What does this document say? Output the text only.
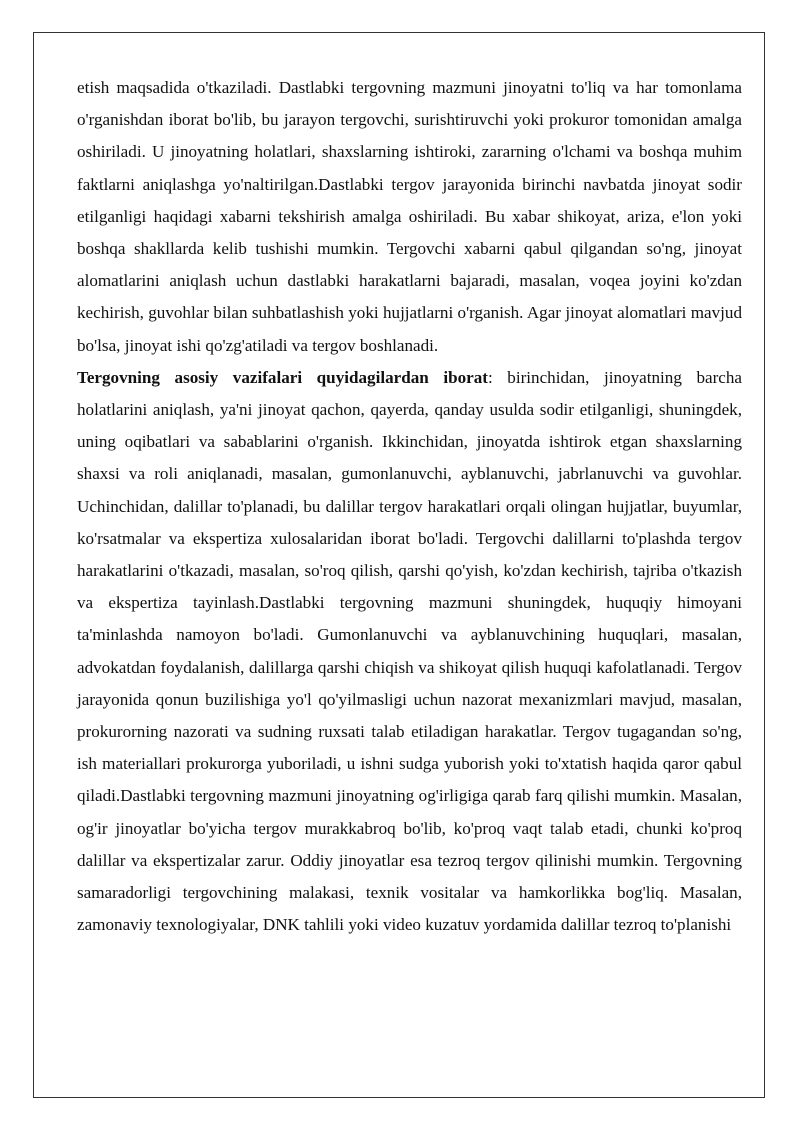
etish maqsadida o'tkaziladi. Dastlabki tergovning mazmuni jinoyatni to'liq va har tomonlama o'rganishdan iborat bo'lib, bu jarayon tergovchi, surishtiruvchi yoki prokuror tomonidan amalga oshiriladi. U jinoyatning holatlari, shaxslarning ishtiroki, zararning o'lchami va boshqa muhim faktlarni aniqlashga yo'naltirilgan.Dastlabki tergov jarayonida birinchi navbatda jinoyat sodir etilganligi haqidagi xabarni tekshirish amalga oshiriladi. Bu xabar shikoyat, ariza, e'lon yoki boshqa shakllarda kelib tushishi mumkin. Tergovchi xabarni qabul qilgandan so'ng, jinoyat alomatlarini aniqlash uchun dastlabki harakatlarni bajaradi, masalan, voqea joyini ko'zdan kechirish, guvohlar bilan suhbatlashish yoki hujjatlarni o'rganish. Agar jinoyat alomatlari mavjud bo'lsa, jinoyat ishi qo'zg'atiladi va tergov boshlanadi.

Tergovning asosiy vazifalari quyidagilardan iborat: birinchidan, jinoyatning barcha holatlarini aniqlash, ya'ni jinoyat qachon, qayerda, qanday usulda sodir etilganligi, shuningdek, uning oqibatlari va sabablarini o'rganish. Ikkinchidan, jinoyatda ishtirok etgan shaxslarning shaxsi va roli aniqlanadi, masalan, gumonlanuvchi, ayblanuvchi, jabrlanuvchi va guvohlar. Uchinchidan, dalillar to'planadi, bu dalillar tergov harakatlari orqali olingan hujjatlar, buyumlar, ko'rsatmalar va ekspertiza xulosalaridan iborat bo'ladi. Tergovchi dalillarni to'plashda tergov harakatlarini o'tkazadi, masalan, so'roq qilish, qarshi qo'yish, ko'zdan kechirish, tajriba o'tkazish va ekspertiza tayinlash.Dastlabki tergovning mazmuni shuningdek, huquqiy himoyani ta'minlashda namoyon bo'ladi. Gumonlanuvchi va ayblanuvchining huquqlari, masalan, advokatdan foydalanish, dalillarga qarshi chiqish va shikoyat qilish huquqi kafolatlanadi. Tergov jarayonida qonun buzilishiga yo'l qo'yilmasligi uchun nazorat mexanizmlari mavjud, masalan, prokurorning nazorati va sudning ruxsati talab etiladigan harakatlar. Tergov tugagandan so'ng, ish materiallari prokurorga yuboriladi, u ishni sudga yuborish yoki to'xtatish haqida qaror qabul qiladi.Dastlabki tergovning mazmuni jinoyatning og'irligiga qarab farq qilishi mumkin. Masalan, og'ir jinoyatlar bo'yicha tergov murakkabroq bo'lib, ko'proq vaqt talab etadi, chunki ko'proq dalillar va ekspertizalar zarur. Oddiy jinoyatlar esa tezroq tergov qilinishi mumkin. Tergovning samaradorligi tergovchining malakasi, texnik vositalar va hamkorlikka bog'liq. Masalan, zamonaviy texnologiyalar, DNK tahlili yoki video kuzatuv yordamida dalillar tezroq to'planishi
